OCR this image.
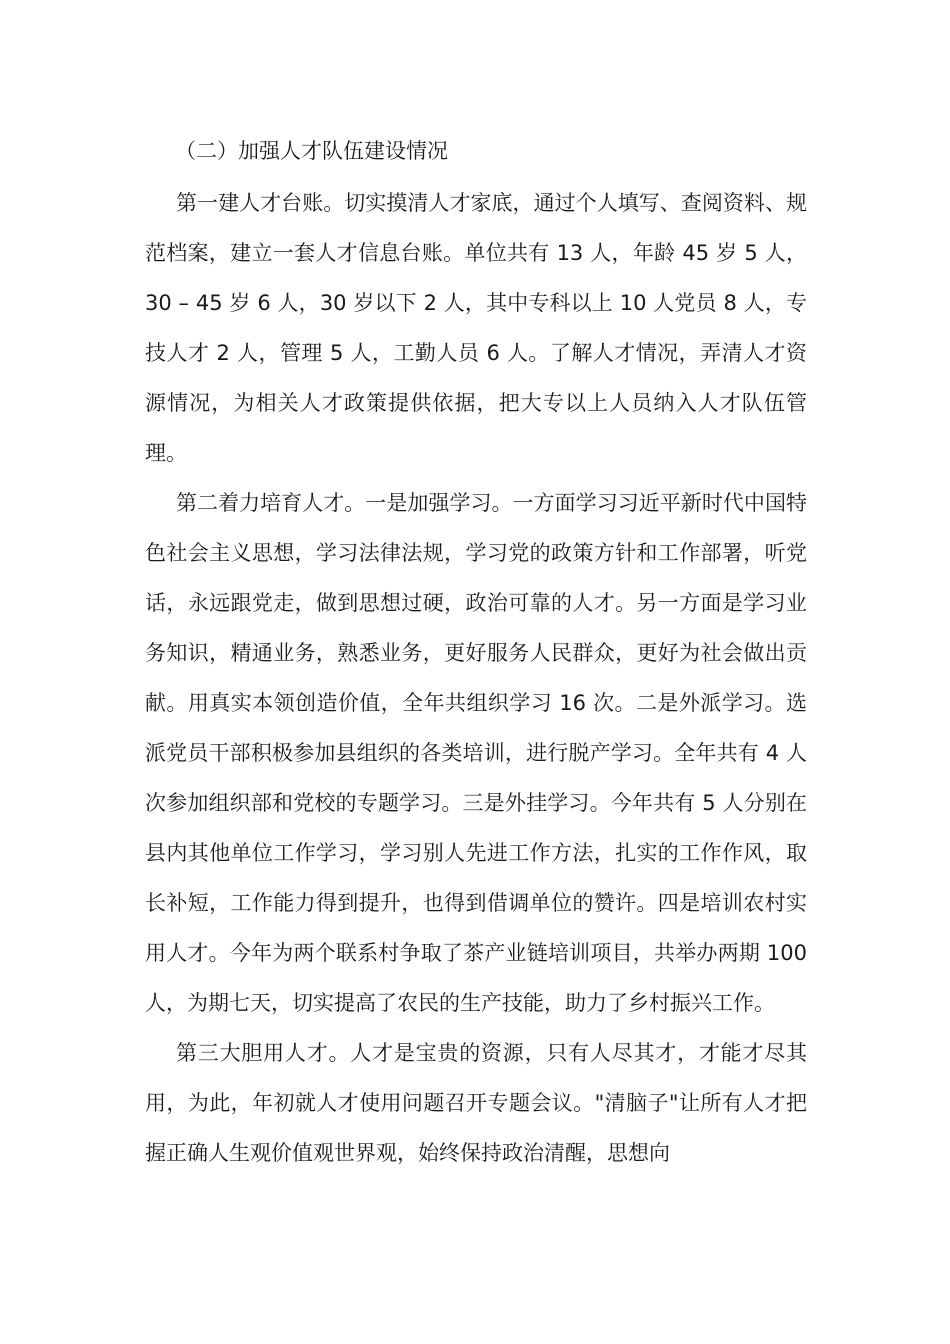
（二）加强人才队伍建设情况

第一建人才台账。切实摸清人才家底，通过个人填写、查阅资料、规范档案，建立一套人才信息台账。单位共有 13 人，年龄 45 岁 5 人，30 – 45 岁 6 人，30 岁以下 2 人，其中专科以上 10 人党员 8 人，专技人才 2 人，管理 5 人，工勤人员 6 人。了解人才情况，弄清人才资源情况，为相关人才政策提供依据，把大专以上人员纳入人才队伍管理。

第二着力培育人才。一是加强学习。一方面学习习近平新时代中国特色社会主义思想，学习法律法规，学习党的政策方针和工作部署，听党话，永远跟党走，做到思想过硬，政治可靠的人才。另一方面是学习业务知识，精通业务，熟悉业务，更好服务人民群众，更好为社会做出贡献。用真实本领创造价值，全年共组织学习 16 次。二是外派学习。选派党员干部积极参加县组织的各类培训，进行脱产学习。全年共有 4 人次参加组织部和党校的专题学习。三是外挂学习。今年共有 5 人分别在县内其他单位工作学习，学习别人先进工作方法，扎实的工作作风，取长补短，工作能力得到提升，也得到借调单位的赞许。四是培训农村实用人才。今年为两个联系村争取了茶产业链培训项目，共举办两期 100 人，为期七天，切实提高了农民的生产技能，助力了乡村振兴工作。

第三大胆用人才。人才是宝贵的资源，只有人尽其才，才能才尽其用，为此，年初就人才使用问题召开专题会议。"清脑子"让所有人才把握正确人生观价值观世界观，始终保持政治清醒，思想向
